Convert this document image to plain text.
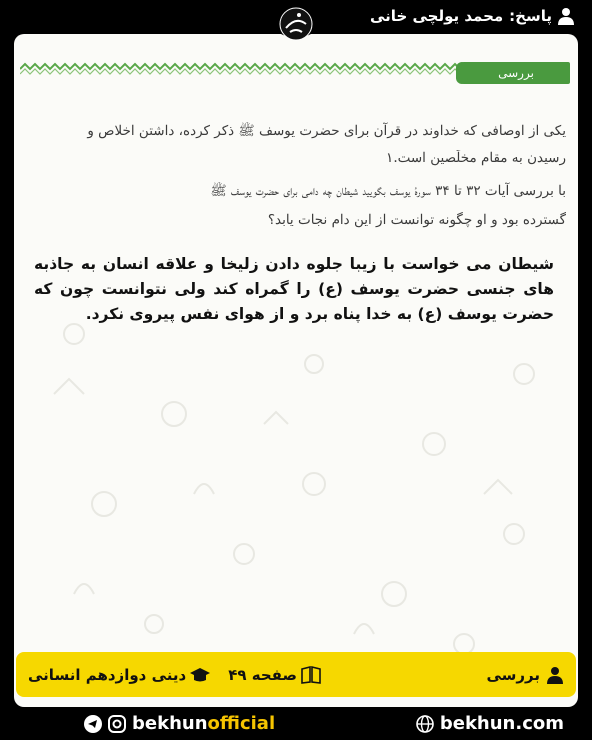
پاسخ:
محمد یولچی خانی
بررسی
یکی از اوصافی که خداوند در قرآن برای حضرت یوسف ﷺ ذکر کرده، داشتن اخلاص و
رسیدن به مقام مخلَصین است.١
با بررسی آیات ۳۲ تا ۳۴ سورهٔ یوسف بگویید شیطان چه دامی برای حضرت یوسف ﷺ
گسترده بود و او چگونه توانست از این دام نجات یابد؟
شیطان می خواست با زیبا جلوه دادن زلیخا و علاقه انسان به جاذبه های جنسی حضرت یوسف (ع) را گمراه کند ولی نتوانست چون که حضرت یوسف (ع) به خدا پناه برد و از هوای نفس پیروی نکرد.
بررسی
صفحه ۴۹
دینی دوازدهم انسانی
bekhunofficial	bekhun.com
